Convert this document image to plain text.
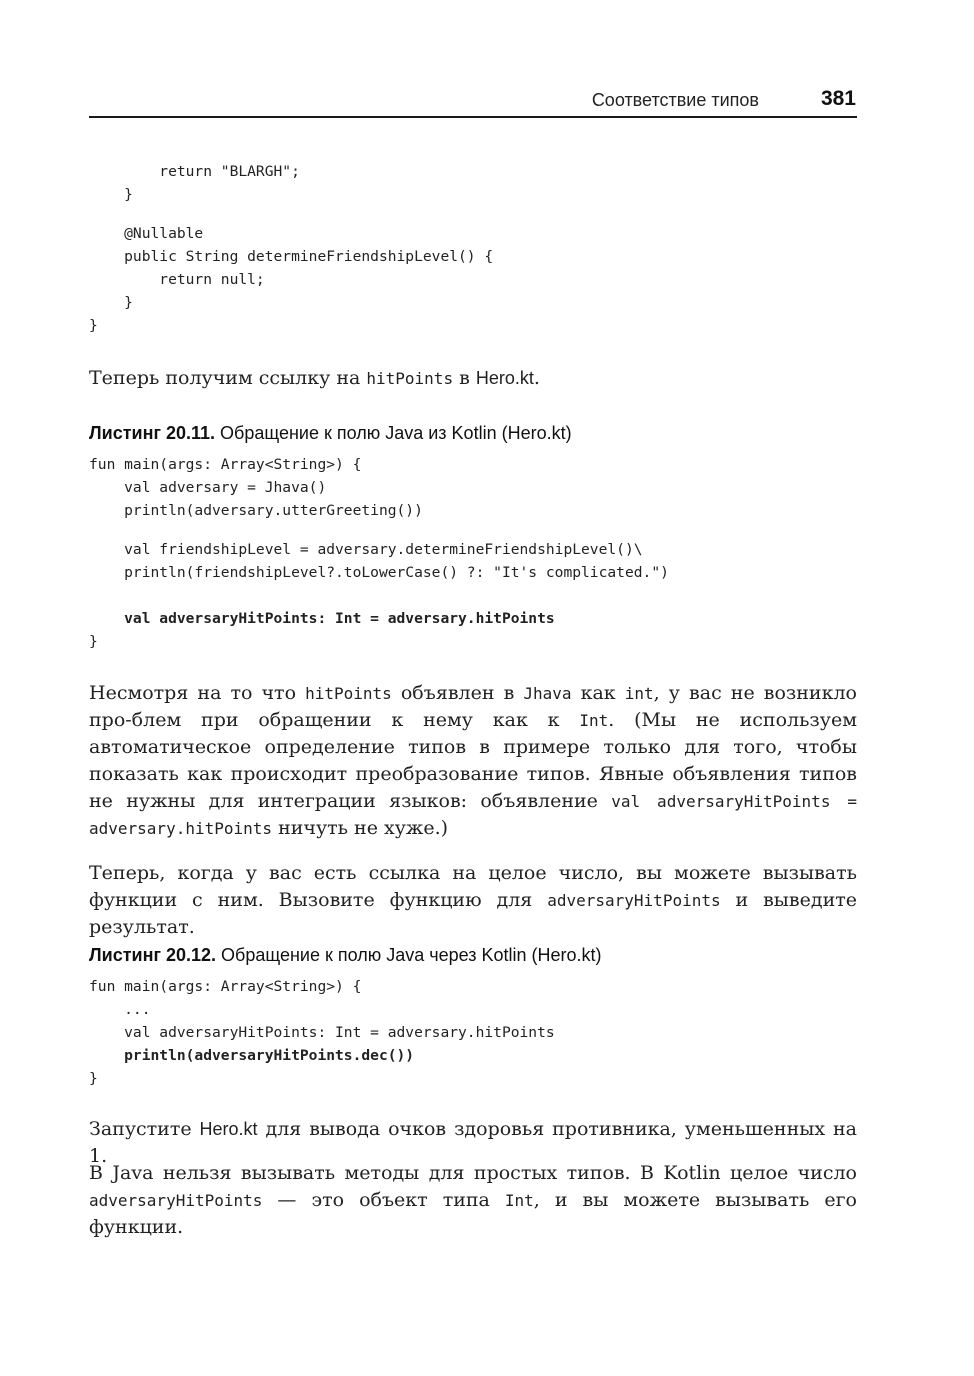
Соответствие типов	381
return "BLARGH";
}
@Nullable
public String determineFriendshipLevel() {
return null;
}
}

Теперь получим ссылку на hitPoints в Hero.kt.

Листинг 20.11. Обращение к полю Java из Kotlin (Hero.kt)
fun main(args: Array<String>) {
val adversary = Jhava()
println(adversary.utterGreeting())
val friendshipLevel = adversary.determineFriendshipLevel()\
println(friendshipLevel?.toLowerCase() ?: "It's complicated.")
val adversaryHitPoints: Int = adversary.hitPoints
}

Несмотря на то что hitPoints объявлен в Jhava как int, у вас не возникло про-блем при обращении к нему как к Int. (Мы не используем автоматическое определение типов в примере только для того, чтобы показать как происходит преобразование типов. Явные объявления типов не нужны для интеграции языков: объявление val adversaryHitPoints = adversary.hitPoints ничуть не хуже.)

Теперь, когда у вас есть ссылка на целое число, вы можете вызывать функции с ним. Вызовите функцию для adversaryHitPoints и выведите результат.

Листинг 20.12. Обращение к полю Java через Kotlin (Hero.kt)
fun main(args: Array<String>) {
...
val adversaryHitPoints: Int = adversary.hitPoints
println(adversaryHitPoints.dec())
}

Запустите Hero.kt для вывода очков здоровья противника, уменьшенных на 1.

В Java нельзя вызывать методы для простых типов. В Kotlin целое число adversaryHitPoints — это объект типа Int, и вы можете вызывать его функции.
